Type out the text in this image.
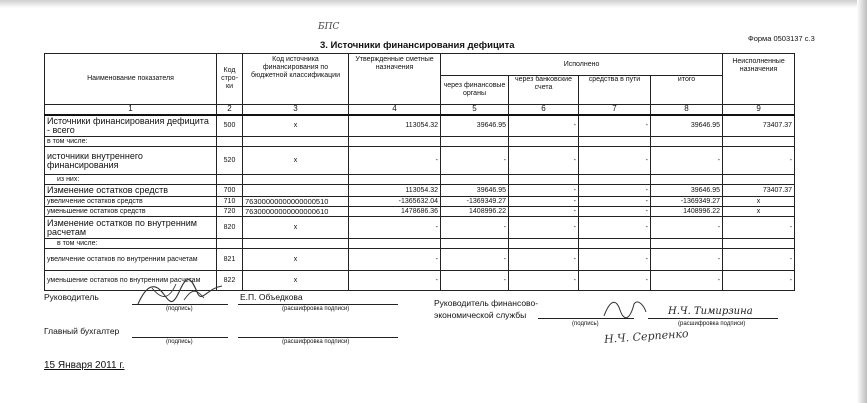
БПС
3. Источники финансирования дефицита
Форма 0503137 с.3
Наименование показателя	Код стро- ки	Код источника финансирования по бюджетной классификации	Утвержденные сметные назначения	Исполнено				Неисполненные назначения
				через финансовые органы	через банковские счета	средства в пути	итого	
1	2	3	4	5	6	7	8	9
Источники финансирования дефицита - всего	500	x	113054.32	39646.95	-	-	39646.95	73407.37
в том числе:								
источники внутреннего финансирования	520	x	-	-	-	-	-	-
из них:								
Изменение остатков средств	700		113054.32	39646.95	-	-	39646.95	73407.37
увеличение остатков средств	710	76300000000000000510	-1365632.04	-1369349.27	-	-	-1369349.27	x
уменьшение остатков средств	720	76300000000000000610	1478686.36	1408996.22	-	-	1408996.22	x
Изменение остатков по внутренним расчетам	820	x	-	-	-	-	-	-
в том числе:								
увеличение остатков по внутренним расчетам	821	x	-	-	-	-	-	-
уменьшение остатков по внутренним расчетам	822	x	-	-	-	-	-	-
Руководитель
(подпись)
Е.П. Объедкова
(расшифровка подписи)
Главный бухгалтер
(подпись)	(расшифровка подписи)
Руководитель финансово-
экономической службы
(подпись)
Н.Ч. Тимирзина
(расшифровка подписи)
Н.Ч. Серпенко
15 Января 2011 г.
